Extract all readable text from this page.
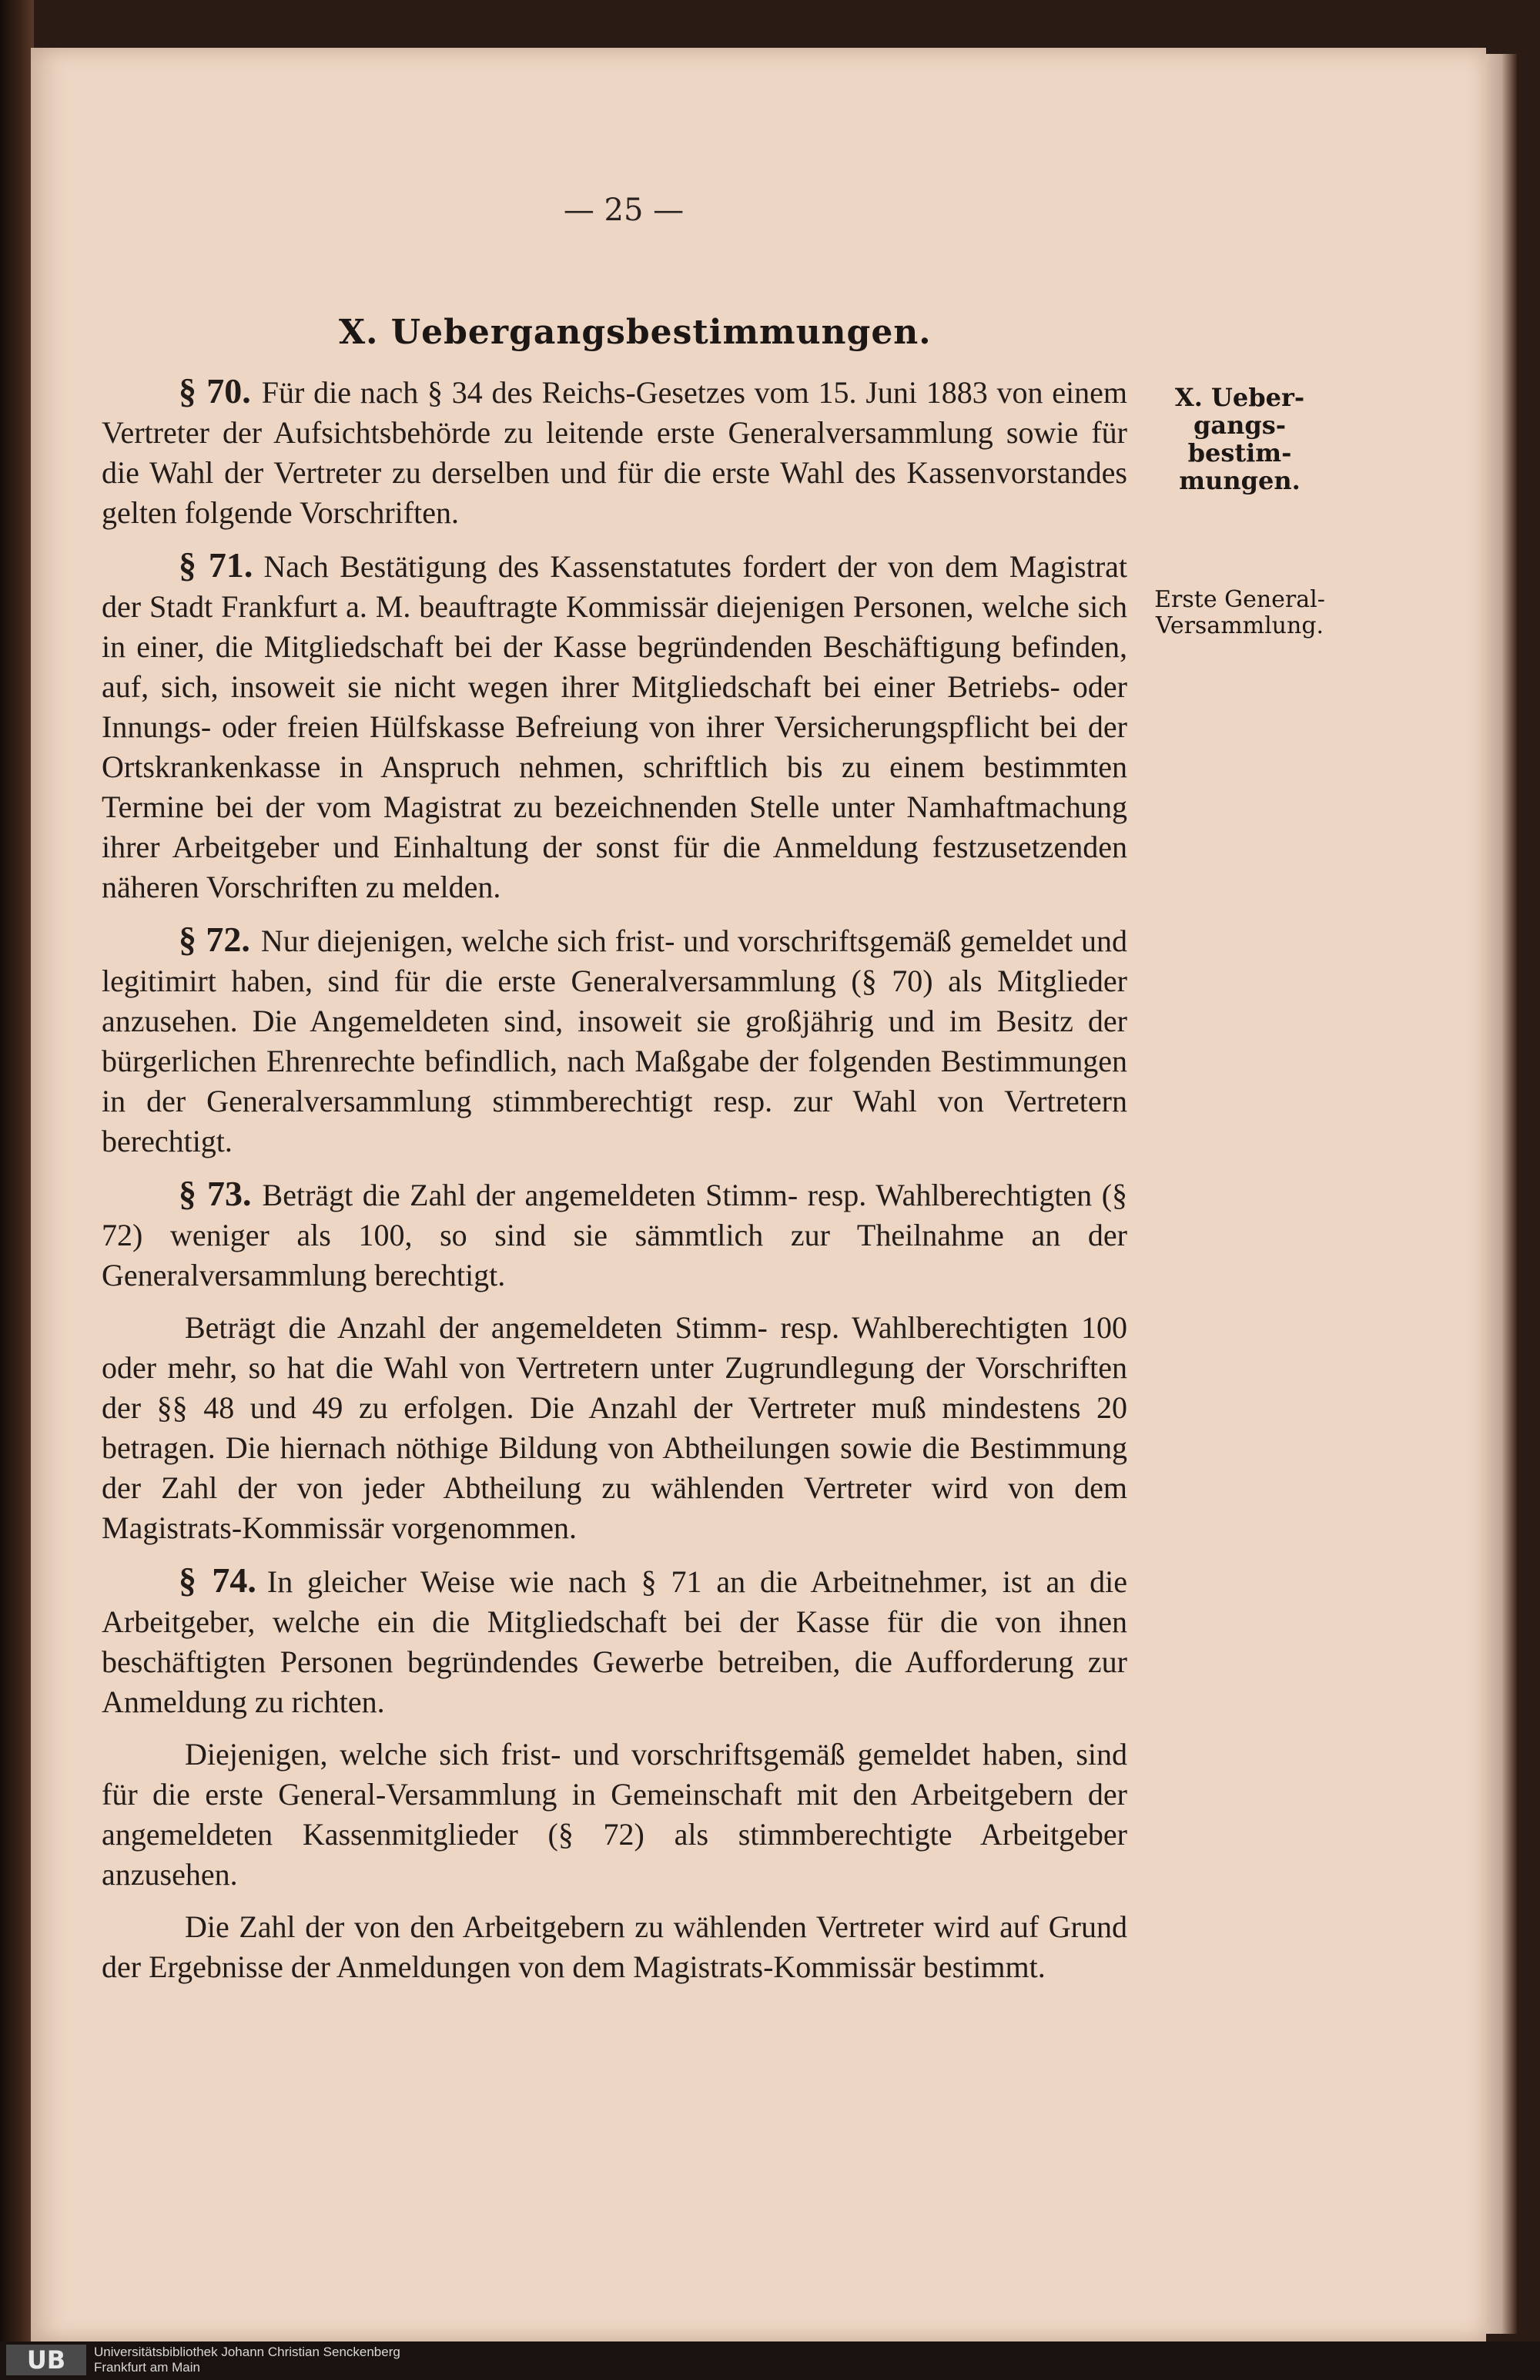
— 25 —
X. Uebergangsbestimmungen.
X. Ueber-gangs-bestim-mungen.
Erste General-Versammlung.

§ 70. Für die nach § 34 des Reichs-Gesetzes vom 15. Juni 1883 von einem Vertreter der Aufsichtsbehörde zu leitende erste Generalversammlung sowie für die Wahl der Vertreter zu derselben und für die erste Wahl des Kassenvorstandes gelten folgende Vorschriften.

§ 71. Nach Bestätigung des Kassenstatutes fordert der von dem Magistrat der Stadt Frankfurt a. M. beauftragte Kommissär diejenigen Personen, welche sich in einer, die Mitgliedschaft bei der Kasse begründenden Beschäftigung befinden, auf, sich, insoweit sie nicht wegen ihrer Mitgliedschaft bei einer Betriebs- oder Innungs- oder freien Hülfskasse Befreiung von ihrer Versicherungspflicht bei der Ortskrankenkasse in Anspruch nehmen, schriftlich bis zu einem bestimmten Termine bei der vom Magistrat zu bezeichnenden Stelle unter Namhaftmachung ihrer Arbeitgeber und Einhaltung der sonst für die Anmeldung festzusetzenden näheren Vorschriften zu melden.

§ 72. Nur diejenigen, welche sich frist- und vorschriftsgemäß gemeldet und legitimirt haben, sind für die erste Generalversammlung (§ 70) als Mitglieder anzusehen. Die Angemeldeten sind, insoweit sie großjährig und im Besitz der bürgerlichen Ehrenrechte befindlich, nach Maßgabe der folgenden Bestimmungen in der Generalversammlung stimmberechtigt resp. zur Wahl von Vertretern berechtigt.

§ 73. Beträgt die Zahl der angemeldeten Stimm- resp. Wahlberechtigten (§ 72) weniger als 100, so sind sie sämmtlich zur Theilnahme an der Generalversammlung berechtigt.

Beträgt die Anzahl der angemeldeten Stimm- resp. Wahlberechtigten 100 oder mehr, so hat die Wahl von Vertretern unter Zugrundlegung der Vorschriften der §§ 48 und 49 zu erfolgen. Die Anzahl der Vertreter muß mindestens 20 betragen. Die hiernach nöthige Bildung von Abtheilungen sowie die Bestimmung der Zahl der von jeder Abtheilung zu wählenden Vertreter wird von dem Magistrats-Kommissär vorgenommen.

§ 74. In gleicher Weise wie nach § 71 an die Arbeitnehmer, ist an die Arbeitgeber, welche ein die Mitgliedschaft bei der Kasse für die von ihnen beschäftigten Personen begründendes Gewerbe betreiben, die Aufforderung zur Anmeldung zu richten.

Diejenigen, welche sich frist- und vorschriftsgemäß gemeldet haben, sind für die erste General-Versammlung in Gemeinschaft mit den Arbeitgebern der angemeldeten Kassenmitglieder (§ 72) als stimmberechtigte Arbeitgeber anzusehen.

Die Zahl der von den Arbeitgebern zu wählenden Vertreter wird auf Grund der Ergebnisse der Anmeldungen von dem Magistrats-Kommissär bestimmt.

UB	Universitätsbibliothek Johann Christian Senckenberg
Frankfurt am Main
